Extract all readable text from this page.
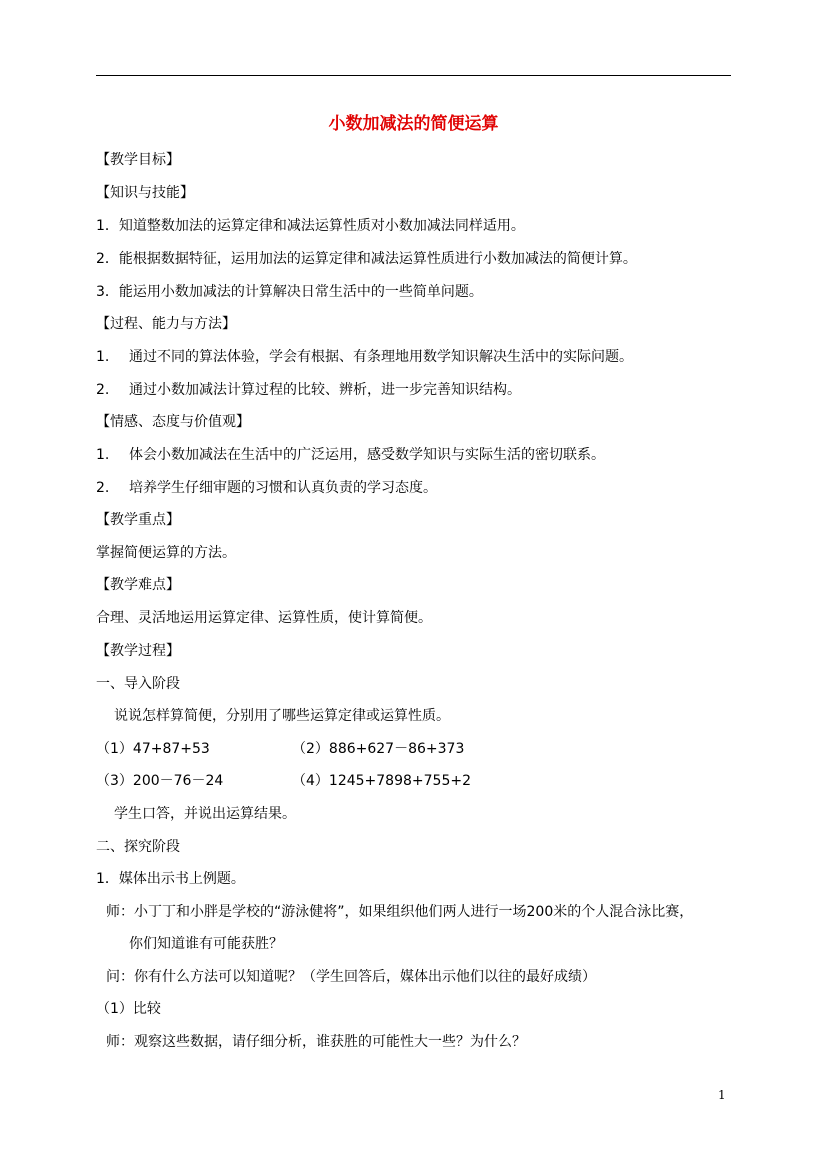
小数加减法的简便运算
【教学目标】
【知识与技能】
1．知道整数加法的运算定律和减法运算性质对小数加减法同样适用。
2．能根据数据特征，运用加法的运算定律和减法运算性质进行小数加减法的简便计算。
3．能运用小数加减法的计算解决日常生活中的一些简单问题。
【过程、能力与方法】
1. 通过不同的算法体验，学会有根据、有条理地用数学知识解决生活中的实际问题。
2. 通过小数加减法计算过程的比较、辨析，进一步完善知识结构。
【情感、态度与价值观】
1. 体会小数加减法在生活中的广泛运用，感受数学知识与实际生活的密切联系。
2. 培养学生仔细审题的习惯和认真负责的学习态度。
【教学重点】
掌握简便运算的方法。
【教学难点】
合理、灵活地运用运算定律、运算性质，使计算简便。
【教学过程】
一、导入阶段
说说怎样算简便，分别用了哪些运算定律或运算性质。
（1）47+87+53	（2）886+627－86+373
（3）200－76－24	（4）1245+7898+755+2
学生口答，并说出运算结果。
二、探究阶段
1．媒体出示书上例题。
师：小丁丁和小胖是学校的“游泳健将”，如果组织他们两人进行一场200米的个人混合泳比赛，
你们知道谁有可能获胜？
问：你有什么方法可以知道呢？（学生回答后，媒体出示他们以往的最好成绩）
（1）比较
师：观察这些数据，请仔细分析，谁获胜的可能性大一些？为什么？
1
